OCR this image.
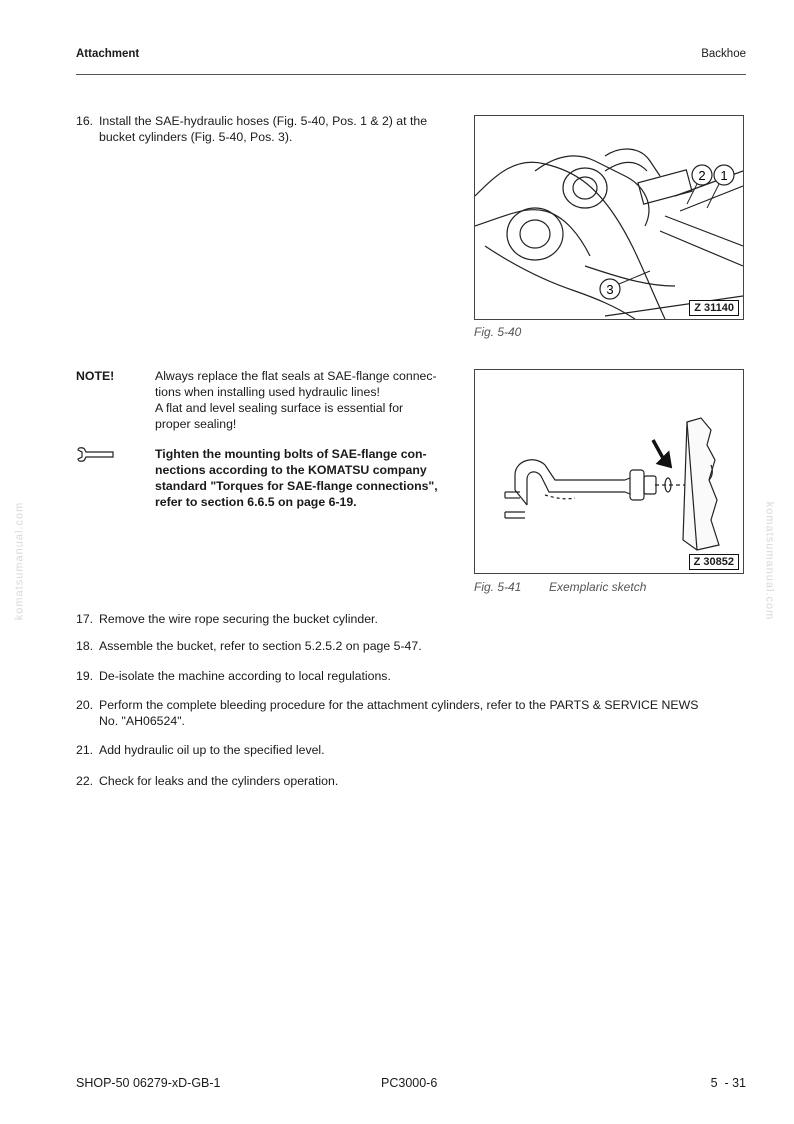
Attachment	Backhoe
16. Install the SAE-hydraulic hoses (Fig. 5-40, Pos. 1 & 2) at the
bucket cylinders (Fig. 5-40, Pos. 3).
1
2
3
Z 31140
Fig. 5-40
NOTE!	Always replace the flat seals at SAE-flange connec-
tions when installing used hydraulic lines!
A flat and level sealing surface is essential for
proper sealing!
Tighten the mounting bolts of SAE-flange con-
nections according to the KOMATSU company
standard "Torques for SAE-flange connections",
refer to section 6.6.5 on page 6-19.
Z 30852
Fig. 5-41 Exemplaric sketch
17. Remove the wire rope securing the bucket cylinder.
18. Assemble the bucket, refer to section 5.2.5.2 on page 5-47.
19. De-isolate the machine according to local regulations.
20. Perform the complete bleeding procedure for the attachment cylinders, refer to the PARTS & SERVICE NEWS
No. "AH06524".
21. Add hydraulic oil up to the specified level.
22. Check for leaks and the cylinders operation.
komatsumanual.com	komatsumanual.com
SHOP-50 06279-xD-GB-1	PC3000-6	5  - 31
